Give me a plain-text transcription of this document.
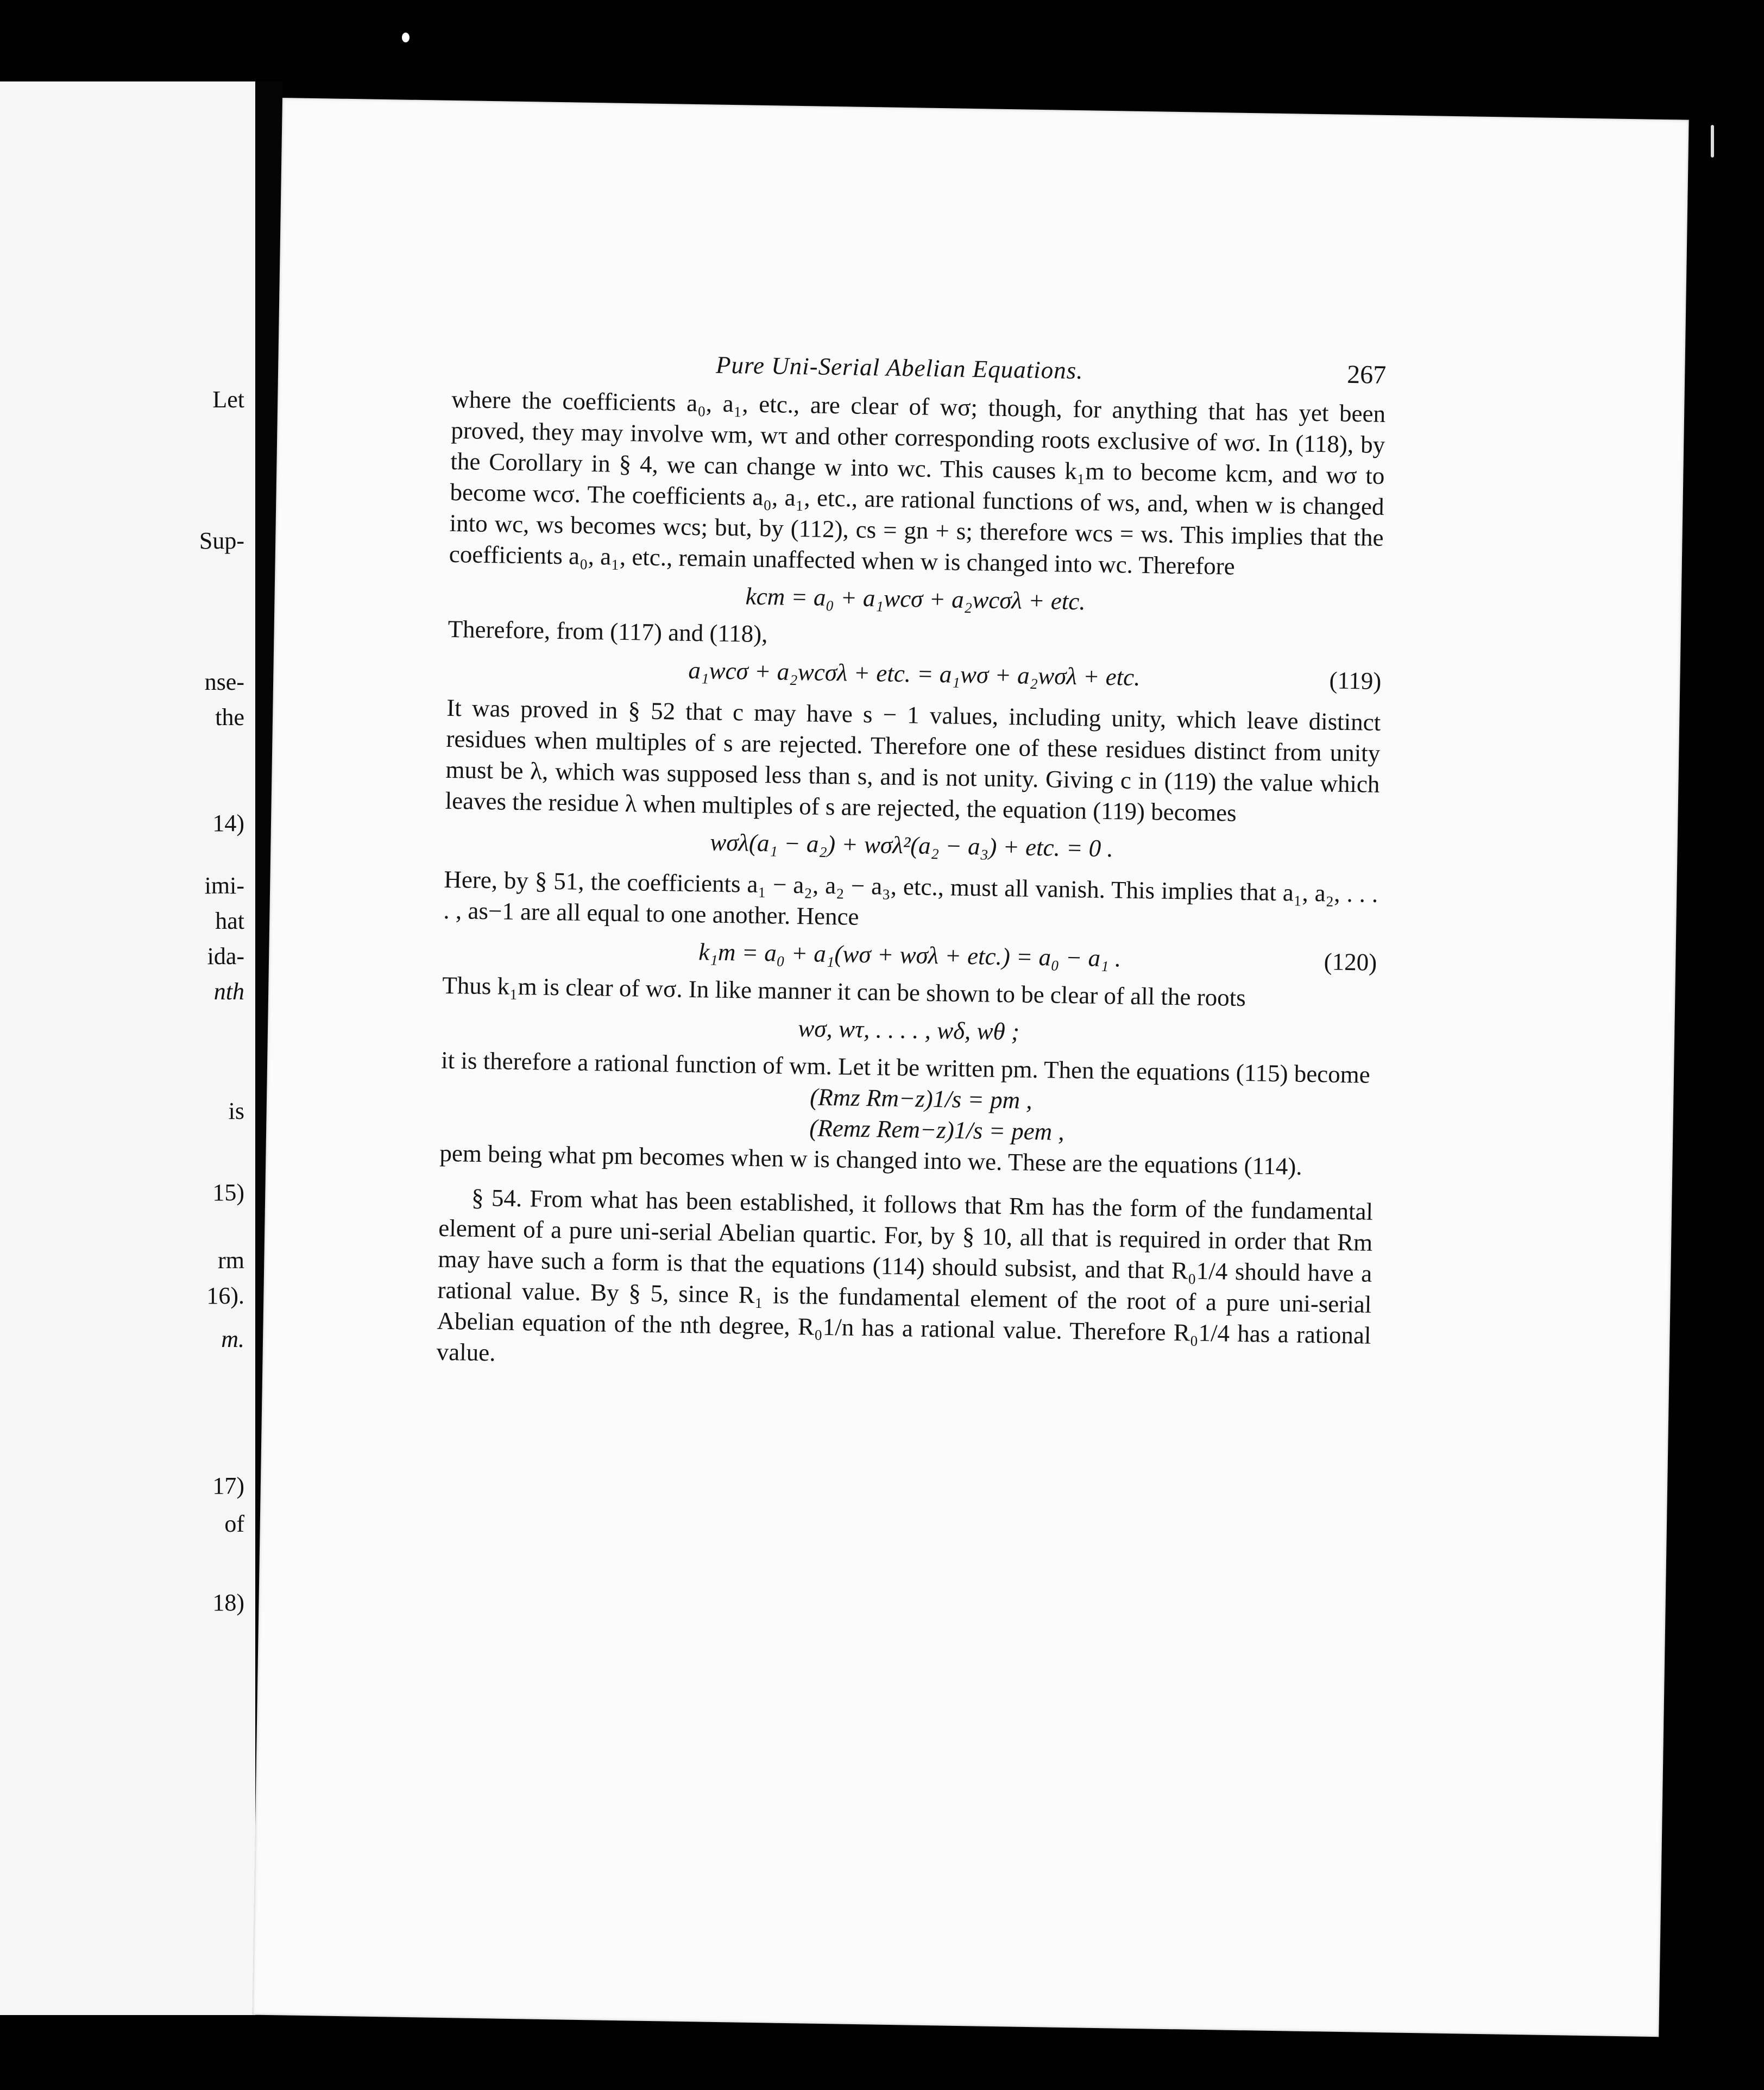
Let
Sup-
nse-
the
14)
imi-
hat
ida-
nth
is
15)
rm
16).
m.
17)
of
18)
Pure Uni-Serial Abelian Equations.	267

where the coefficients a₀, a₁, etc., are clear of wσ; though, for anything that has yet been proved, they may involve wm, wτ and other corresponding roots exclusive of wσ. In (118), by the Corollary in § 4, we can change w into wc. This causes k₁m to become kcm, and wσ to become wcσ. The coefficients a₀, a₁, etc., are rational functions of ws, and, when w is changed into wc, ws becomes wcs; but, by (112), cs = gn + s; therefore wcs = ws. This implies that the coefficients a₀, a₁, etc., remain unaffected when w is changed into wc. Therefore

kcm = a₀ + a₁wcσ + a₂wcσλ + etc.

Therefore, from (117) and (118),

a₁wcσ + a₂wcσλ + etc. = a₁wσ + a₂wσλ + etc.	(119)

It was proved in § 52 that c may have s − 1 values, including unity, which leave distinct residues when multiples of s are rejected. Therefore one of these residues distinct from unity must be λ, which was supposed less than s, and is not unity. Giving c in (119) the value which leaves the residue λ when multiples of s are rejected, the equation (119) becomes

wσλ(a₁ − a₂) + wσλ²(a₂ − a₃) + etc. = 0 .

Here, by § 51, the coefficients a₁ − a₂, a₂ − a₃, etc., must all vanish. This implies that a₁, a₂, . . . . , as−1 are all equal to one another. Hence

k₁m = a₀ + a₁(wσ + wσλ + etc.) = a₀ − a₁ .	(120)

Thus k₁m is clear of wσ. In like manner it can be shown to be clear of all the roots

wσ, wτ, . . . . , wδ, wθ ;

it is therefore a rational function of wm. Let it be written pm. Then the equations (115) become

(Rmz Rm−z)1/s = pm ,
(Remz Rem−z)1/s = pem ,

pem being what pm becomes when w is changed into we. These are the equations (114).

§ 54. From what has been established, it follows that Rm has the form of the fundamental element of a pure uni-serial Abelian quartic. For, by § 10, all that is required in order that Rm may have such a form is that the equations (114) should subsist, and that R₀1/4 should have a rational value. By § 5, since R₁ is the fundamental element of the root of a pure uni-serial Abelian equation of the nth degree, R₀1/n has a rational value. Therefore R₀1/4 has a rational value.
